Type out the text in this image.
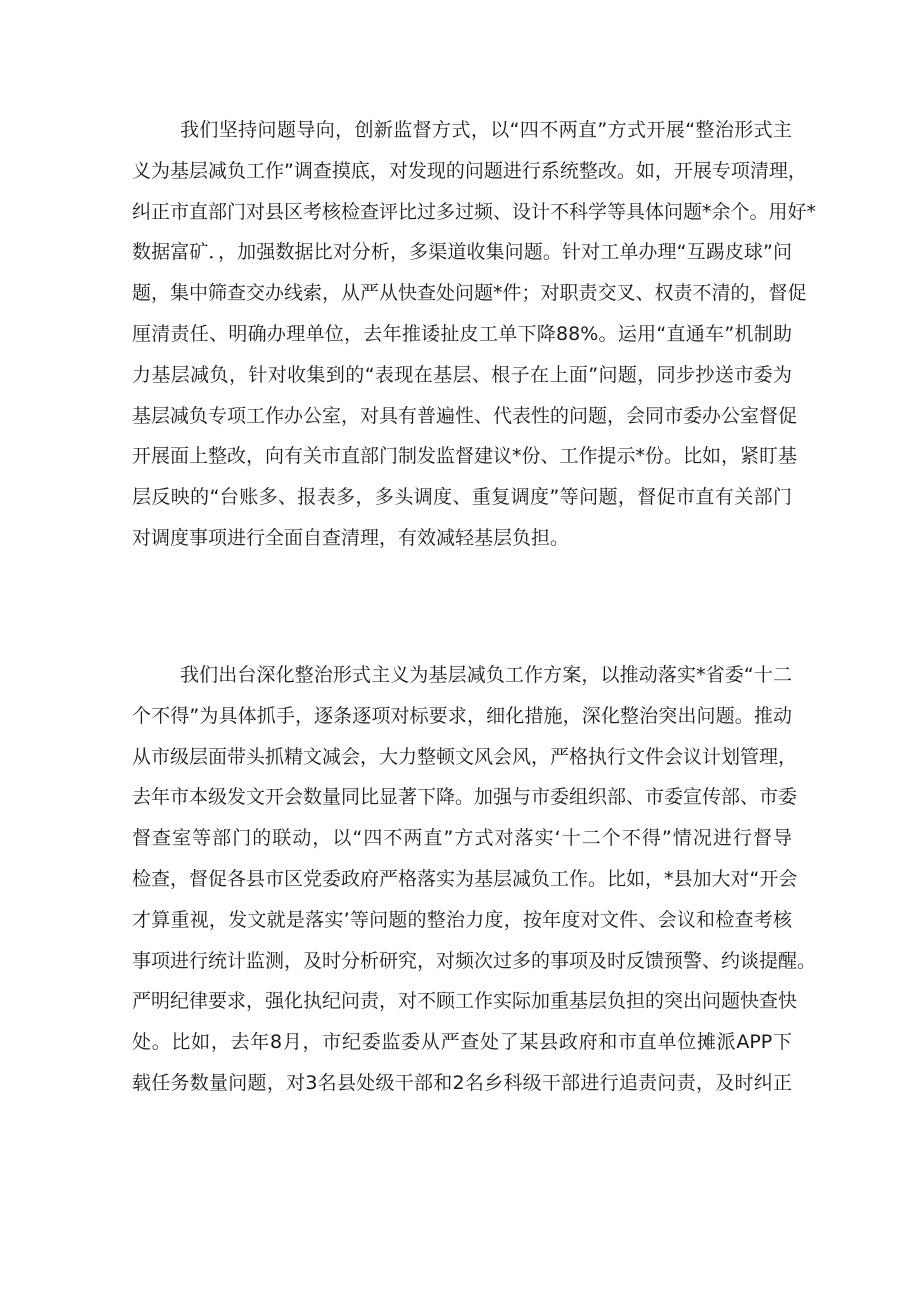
我们坚持问题导向，创新监督方式，以“四不两直”方式开展“整治形式主
义为基层减负工作”调查摸底，对发现的问题进行系统整改。如，开展专项清理，
纠正市直部门对县区考核检查评比过多过频、设计不科学等具体问题*余个。用好*
数据富矿．，加强数据比对分析，多渠道收集问题。针对工单办理“互踢皮球”问
题，集中筛查交办线索，从严从快查处问题*件；对职责交叉、权责不清的，督促
厘清责任、明确办理单位，去年推诿扯皮工单下降88%。运用“直通车”机制助
力基层减负，针对收集到的“表现在基层、根子在上面”问题，同步抄送市委为
基层减负专项工作办公室，对具有普遍性、代表性的问题，会同市委办公室督促
开展面上整改，向有关市直部门制发监督建议*份、工作提示*份。比如，紧盯基
层反映的“台账多、报表多，多头调度、重复调度”等问题，督促市直有关部门
对调度事项进行全面自查清理，有效减轻基层负担。
我们出台深化整治形式主义为基层减负工作方案，以推动落实*省委“十二
个不得”为具体抓手，逐条逐项对标要求，细化措施，深化整治突出问题。推动
从市级层面带头抓精文减会，大力整顿文风会风，严格执行文件会议计划管理，
去年市本级发文开会数量同比显著下降。加强与市委组织部、市委宣传部、市委
督查室等部门的联动，以“四不两直”方式对落实‘十二个不得”情况进行督导
检查，督促各县市区党委政府严格落实为基层减负工作。比如，*县加大对“开会
才算重视，发文就是落实’等问题的整治力度，按年度对文件、会议和检查考核
事项进行统计监测，及时分析研究，对频次过多的事项及时反馈预警、约谈提醒。
严明纪律要求，强化执纪问责，对不顾工作实际加重基层负担的突出问题快查快
处。比如，去年8月，市纪委监委从严查处了某县政府和市直单位摊派APP下
载任务数量问题，对3名县处级干部和2名乡科级干部进行追责问责，及时纠正
